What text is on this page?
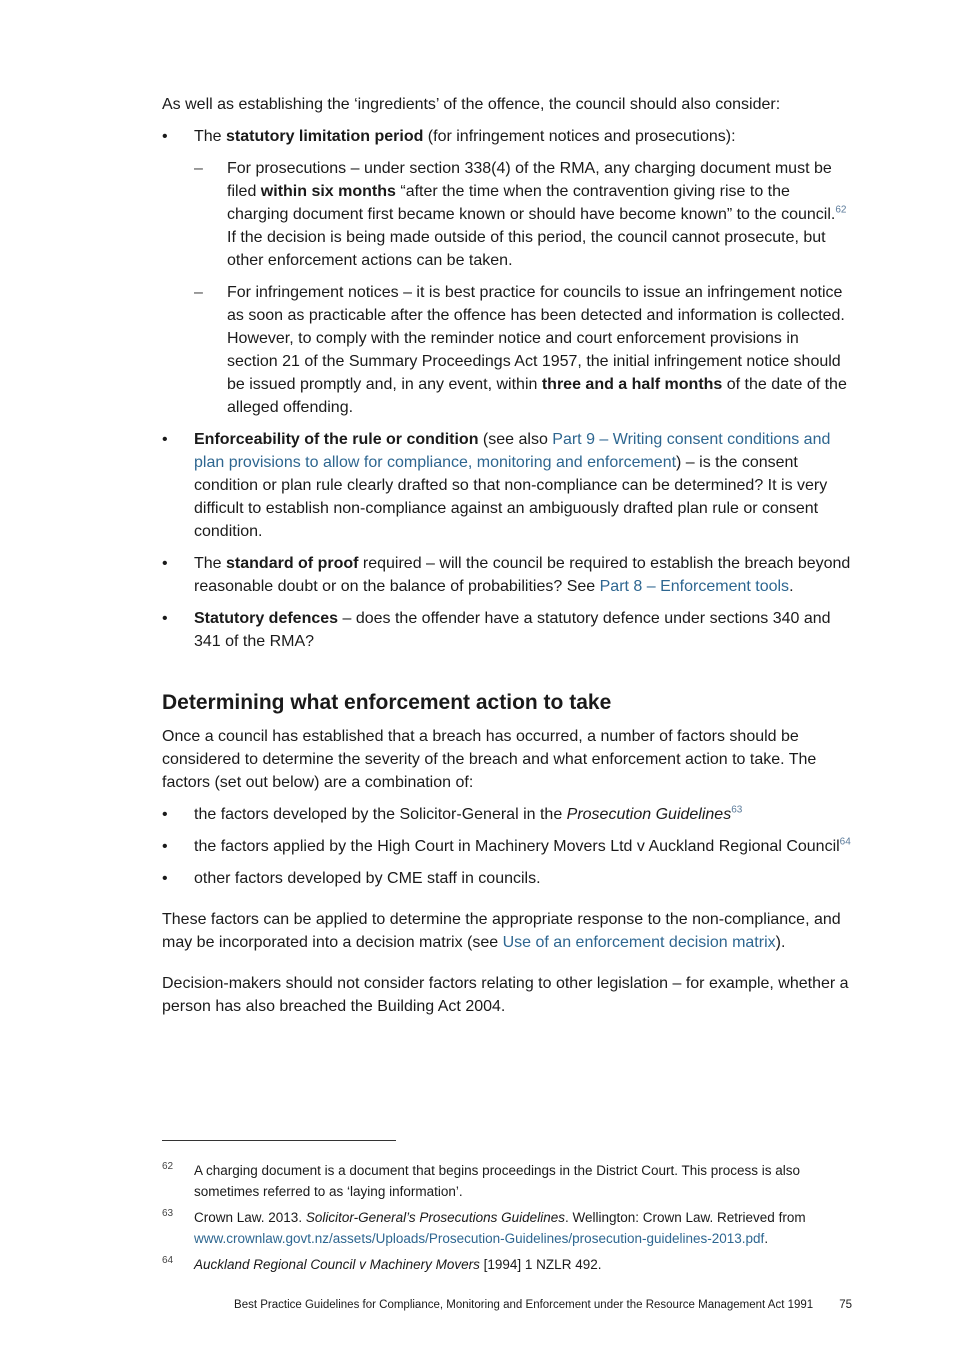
As well as establishing the ‘ingredients’ of the offence, the council should also consider:

• The statutory limitation period (for infringement notices and prosecutions):
– For prosecutions – under section 338(4) of the RMA, any charging document must be filed within six months “after the time when the contravention giving rise to the charging document first became known or should have become known” to the council.$^{62}$ If the decision is being made outside of this period, the council cannot prosecute, but other enforcement actions can be taken.
– For infringement notices – it is best practice for councils to issue an infringement notice as soon as practicable after the offence has been detected and information is collected. However, to comply with the reminder notice and court enforcement provisions in section 21 of the Summary Proceedings Act 1957, the initial infringement notice should be issued promptly and, in any event, within three and a half months of the date of the alleged offending.
• Enforceability of the rule or condition (see also Part 9 – Writing consent conditions and plan provisions to allow for compliance, monitoring and enforcement) – is the consent condition or plan rule clearly drafted so that non-compliance can be determined? It is very difficult to establish non-compliance against an ambiguously drafted plan rule or consent condition.
• The standard of proof required – will the council be required to establish the breach beyond reasonable doubt or on the balance of probabilities? See Part 8 – Enforcement tools.
• Statutory defences – does the offender have a statutory defence under sections 340 and 341 of the RMA?
Determining what enforcement action to take

Once a council has established that a breach has occurred, a number of factors should be considered to determine the severity of the breach and what enforcement action to take. The factors (set out below) are a combination of:

• the factors developed by the Solicitor-General in the Prosecution Guidelines$^{63}$
• the factors applied by the High Court in Machinery Movers Ltd v Auckland Regional Council$^{64}$
• other factors developed by CME staff in councils.

These factors can be applied to determine the appropriate response to the non-compliance, and may be incorporated into a decision matrix (see Use of an enforcement decision matrix).

Decision-makers should not consider factors relating to other legislation – for example, whether a person has also breached the Building Act 2004.

62 A charging document is a document that begins proceedings in the District Court. This process is also sometimes referred to as ‘laying information’.
63 Crown Law. 2013. Solicitor-General’s Prosecutions Guidelines. Wellington: Crown Law. Retrieved from www.crownlaw.govt.nz/assets/Uploads/Prosecution-Guidelines/prosecution-guidelines-2013.pdf.
64 Auckland Regional Council v Machinery Movers [1994] 1 NZLR 492.
Best Practice Guidelines for Compliance, Monitoring and Enforcement under the Resource Management Act 1991 75
